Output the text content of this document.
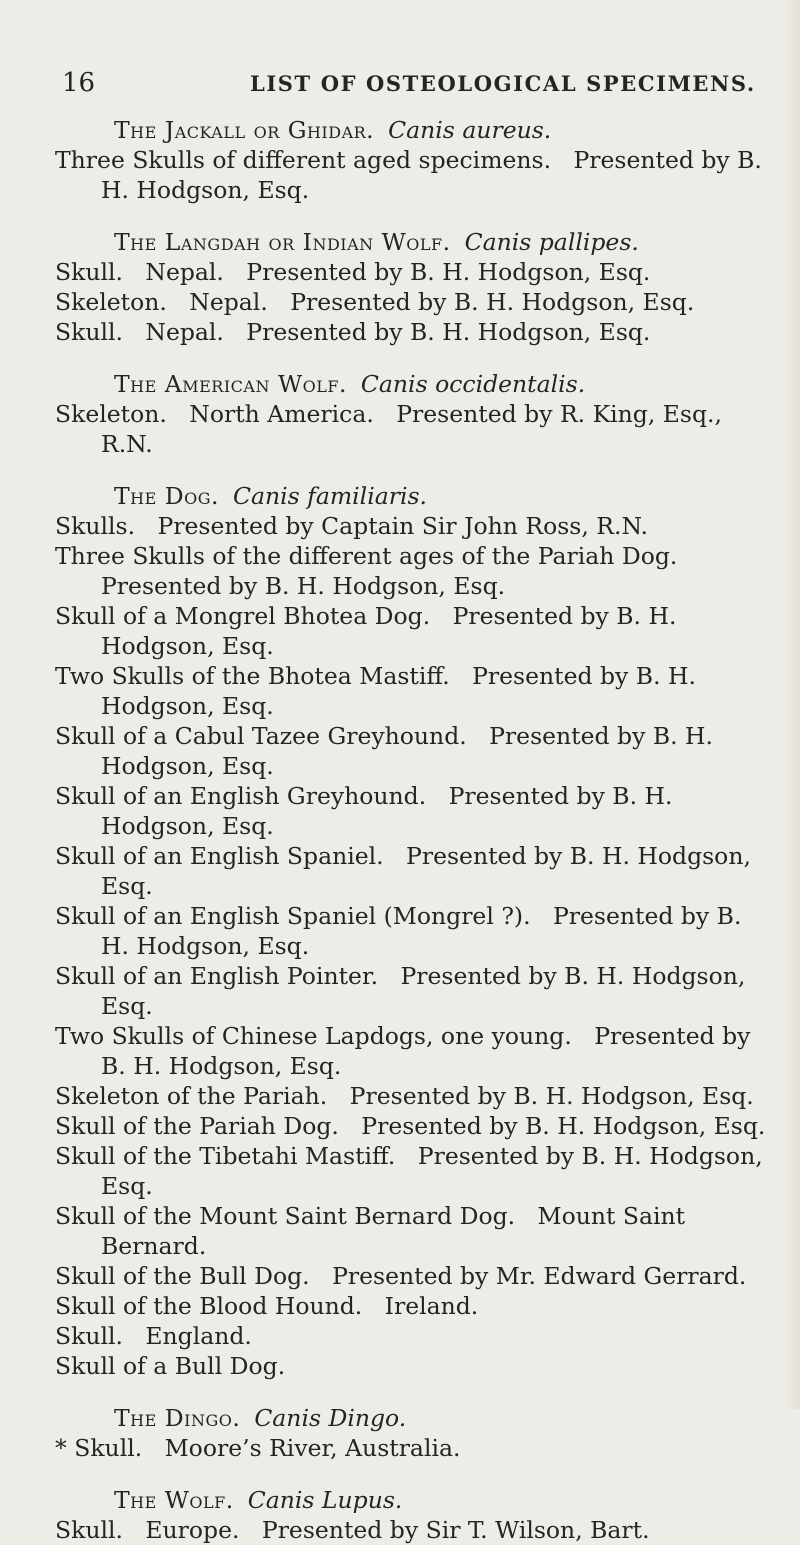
16	LIST OF OSTEOLOGICAL SPECIMENS.
The Jackall or Ghidar. Canis aureus.

Three Skulls of different aged specimens.   Presented by B. H. Hodgson, Esq.

The Langdah or Indian Wolf. Canis pallipes.

Skull.   Nepal.   Presented by B. H. Hodgson, Esq.

Skeleton.   Nepal.   Presented by B. H. Hodgson, Esq.

Skull.   Nepal.   Presented by B. H. Hodgson, Esq.

The American Wolf. Canis occidentalis.

Skeleton.   North America.   Presented by R. King, Esq., R.N.

The Dog. Canis familiaris.

Skulls.   Presented by Captain Sir John Ross, R.N.

Three Skulls of the different ages of the Pariah Dog.   Presented by B. H. Hodgson, Esq.

Skull of a Mongrel Bhotea Dog.   Presented by B. H. Hodgson, Esq.

Two Skulls of the Bhotea Mastiff.   Presented by B. H. Hodgson, Esq.

Skull of a Cabul Tazee Greyhound.   Presented by B. H. Hodgson, Esq.

Skull of an English Greyhound.   Presented by B. H. Hodgson, Esq.

Skull of an English Spaniel.   Presented by B. H. Hodgson, Esq.

Skull of an English Spaniel (Mongrel ?).   Presented by B. H. Hodgson, Esq.

Skull of an English Pointer.   Presented by B. H. Hodgson, Esq.

Two Skulls of Chinese Lapdogs, one young.   Presented by B. H. Hodgson, Esq.

Skeleton of the Pariah.   Presented by B. H. Hodgson, Esq.

Skull of the Pariah Dog.   Presented by B. H. Hodgson, Esq.

Skull of the Tibetahi Mastiff.   Presented by B. H. Hodgson, Esq.

Skull of the Mount Saint Bernard Dog.   Mount Saint Bernard.

Skull of the Bull Dog.   Presented by Mr. Edward Gerrard.

Skull of the Blood Hound.   Ireland.

Skull.   England.

Skull of a Bull Dog.

The Dingo. Canis Dingo.

* Skull.   Moore’s River, Australia.

The Wolf. Canis Lupus.

Skull.   Europe.   Presented by Sir T. Wilson, Bart.
